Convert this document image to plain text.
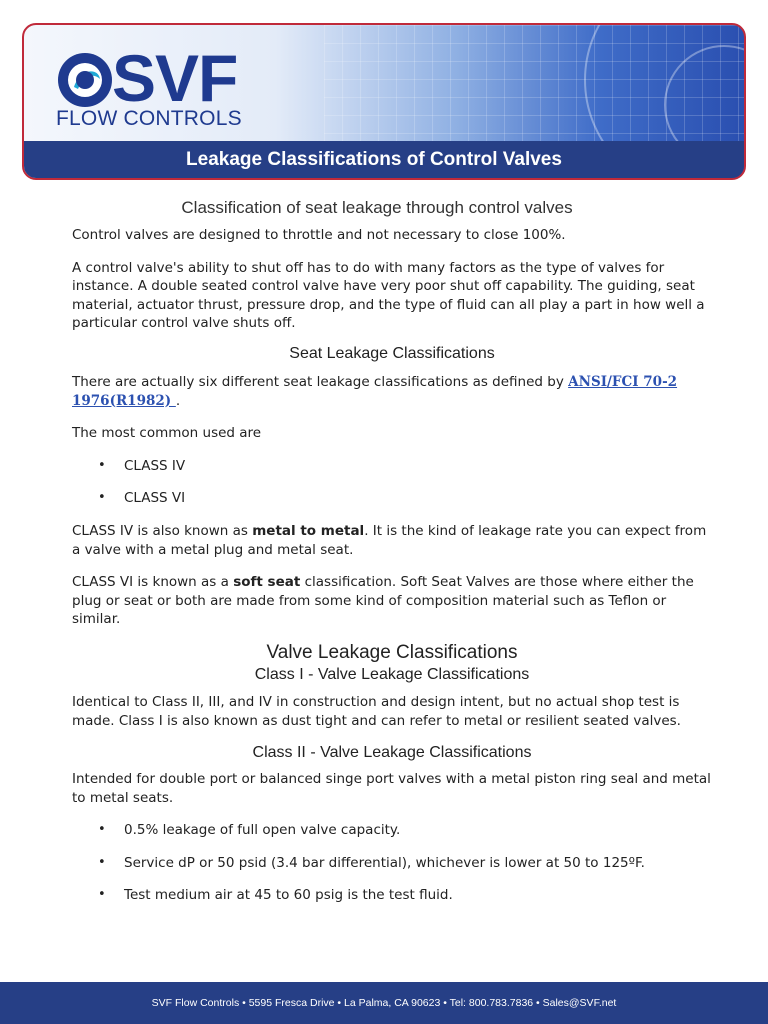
SVF
FLOW CONTROLS
Leakage Classifications of Control Valves
Classification of seat leakage through control valves

Control valves are designed to throttle and not necessary to close 100%.

A control valve's ability to shut off has to do with many factors as the type of valves for instance. A double seated control valve have very poor shut off capability. The guiding, seat material, actuator thrust, pressure drop, and the type of fluid can all play a part in how well a particular control valve shuts off.

Seat Leakage Classifications

There are actually six different seat leakage classifications as defined by ANSI/FCI 70-2 1976(R1982) .

The most common used are

• CLASS IV
• CLASS VI

CLASS IV is also known as metal to metal. It is the kind of leakage rate you can expect from a valve with a metal plug and metal seat.

CLASS VI is known as a soft seat classification. Soft Seat Valves are those where either the plug or seat or both are made from some kind of composition material such as Teflon or similar.

Valve Leakage Classifications
Class I - Valve Leakage Classifications

Identical to Class II, III, and IV in construction and design intent, but no actual shop test is made. Class I is also known as dust tight and can refer to metal or resilient seated valves.

Class II - Valve Leakage Classifications

Intended for double port or balanced singe port valves with a metal piston ring seal and metal to metal seats.

• 0.5% leakage of full open valve capacity.
• Service dP or 50 psid (3.4 bar differential), whichever is lower at 50 to 125ºF.
• Test medium air at 45 to 60 psig is the test fluid.
SVF Flow Controls • 5595 Fresca Drive • La Palma, CA 90623 • Tel: 800.783.7836 • Sales@SVF.net
